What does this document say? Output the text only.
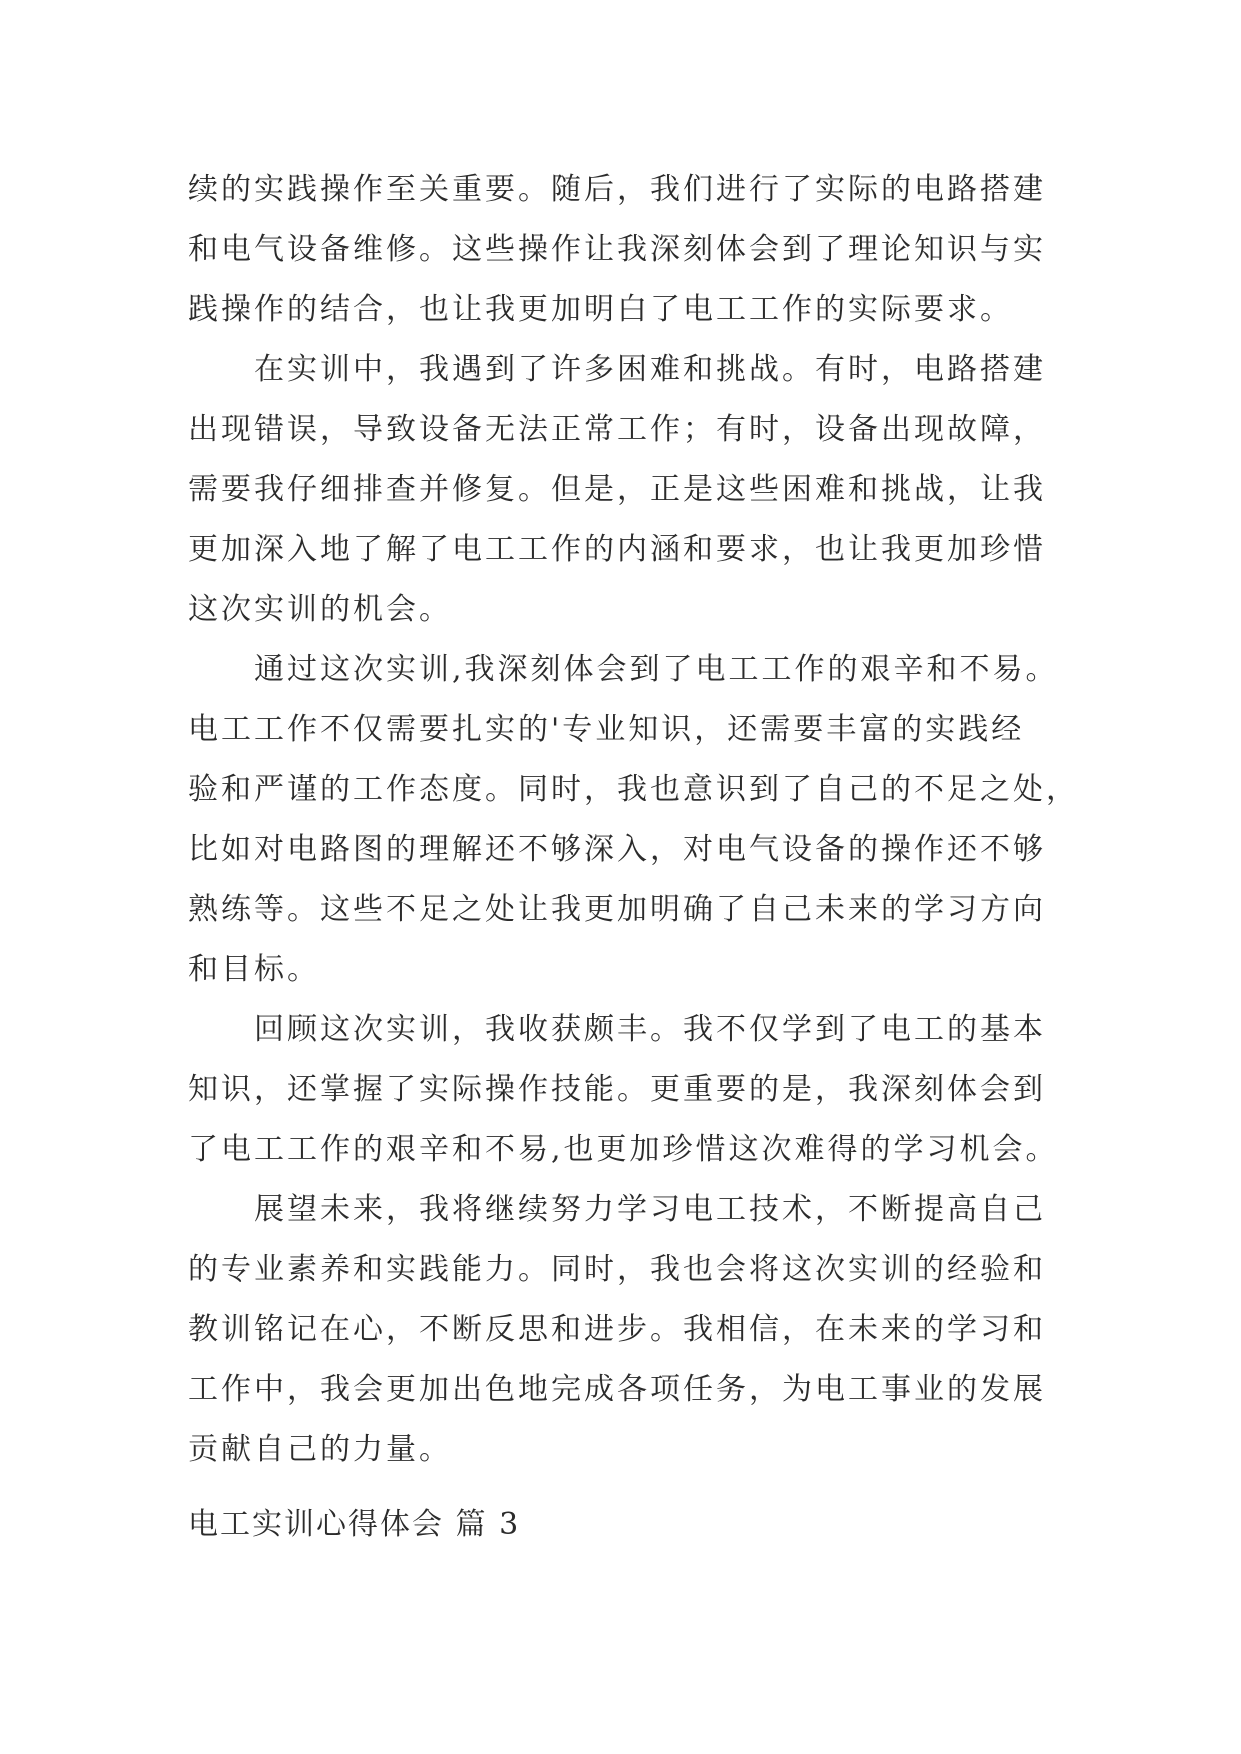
续的实践操作至关重要。随后，我们进行了实际的电路搭建
和电气设备维修。这些操作让我深刻体会到了理论知识与实
践操作的结合，也让我更加明白了电工工作的实际要求。
在实训中，我遇到了许多困难和挑战。有时，电路搭建
出现错误，导致设备无法正常工作；有时，设备出现故障，
需要我仔细排查并修复。但是，正是这些困难和挑战，让我
更加深入地了解了电工工作的内涵和要求，也让我更加珍惜
这次实训的机会。
通过这次实训,我深刻体会到了电工工作的艰辛和不易。
电工工作不仅需要扎实的'专业知识，还需要丰富的实践经
验和严谨的工作态度。同时，我也意识到了自己的不足之处，
比如对电路图的理解还不够深入，对电气设备的操作还不够
熟练等。这些不足之处让我更加明确了自己未来的学习方向
和目标。
回顾这次实训，我收获颇丰。我不仅学到了电工的基本
知识，还掌握了实际操作技能。更重要的是，我深刻体会到
了电工工作的艰辛和不易,也更加珍惜这次难得的学习机会。
展望未来，我将继续努力学习电工技术，不断提高自己
的专业素养和实践能力。同时，我也会将这次实训的经验和
教训铭记在心，不断反思和进步。我相信，在未来的学习和
工作中，我会更加出色地完成各项任务，为电工事业的发展
贡献自己的力量。
电工实训心得体会 篇 3
